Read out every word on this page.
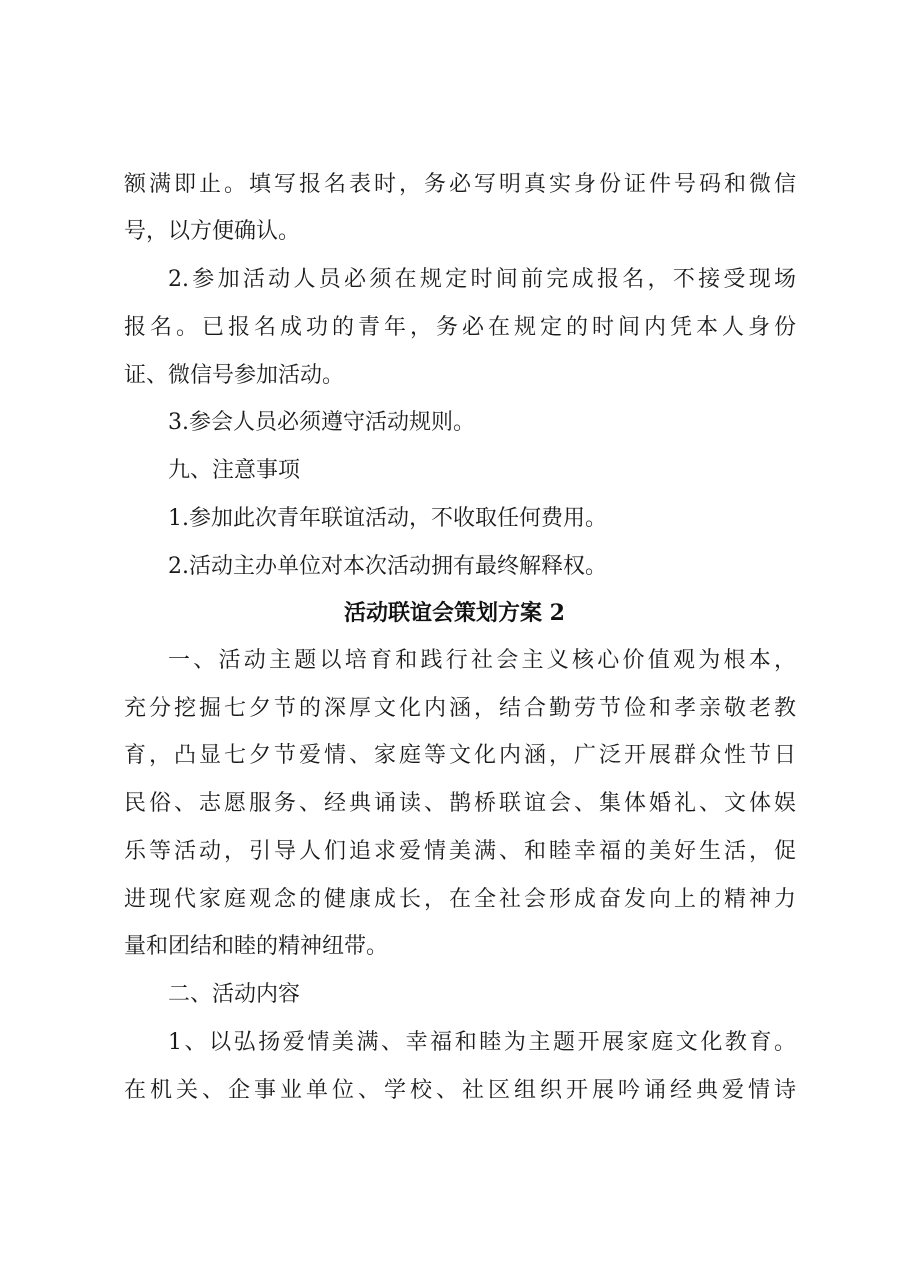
额满即止。填写报名表时，务必写明真实身份证件号码和微信
号，以方便确认。
2.参加活动人员必须在规定时间前完成报名，不接受现场
报名。已报名成功的青年，务必在规定的时间内凭本人身份
证、微信号参加活动。
3.参会人员必须遵守活动规则。
九、注意事项
1.参加此次青年联谊活动，不收取任何费用。
2.活动主办单位对本次活动拥有最终解释权。
活动联谊会策划方案 2
一、活动主题以培育和践行社会主义核心价值观为根本，
充分挖掘七夕节的深厚文化内涵，结合勤劳节俭和孝亲敬老教
育，凸显七夕节爱情、家庭等文化内涵，广泛开展群众性节日
民俗、志愿服务、经典诵读、鹊桥联谊会、集体婚礼、文体娱
乐等活动，引导人们追求爱情美满、和睦幸福的美好生活，促
进现代家庭观念的健康成长，在全社会形成奋发向上的精神力
量和团结和睦的精神纽带。
二、活动内容
1、以弘扬爱情美满、幸福和睦为主题开展家庭文化教育。
在机关、企事业单位、学校、社区组织开展吟诵经典爱情诗
